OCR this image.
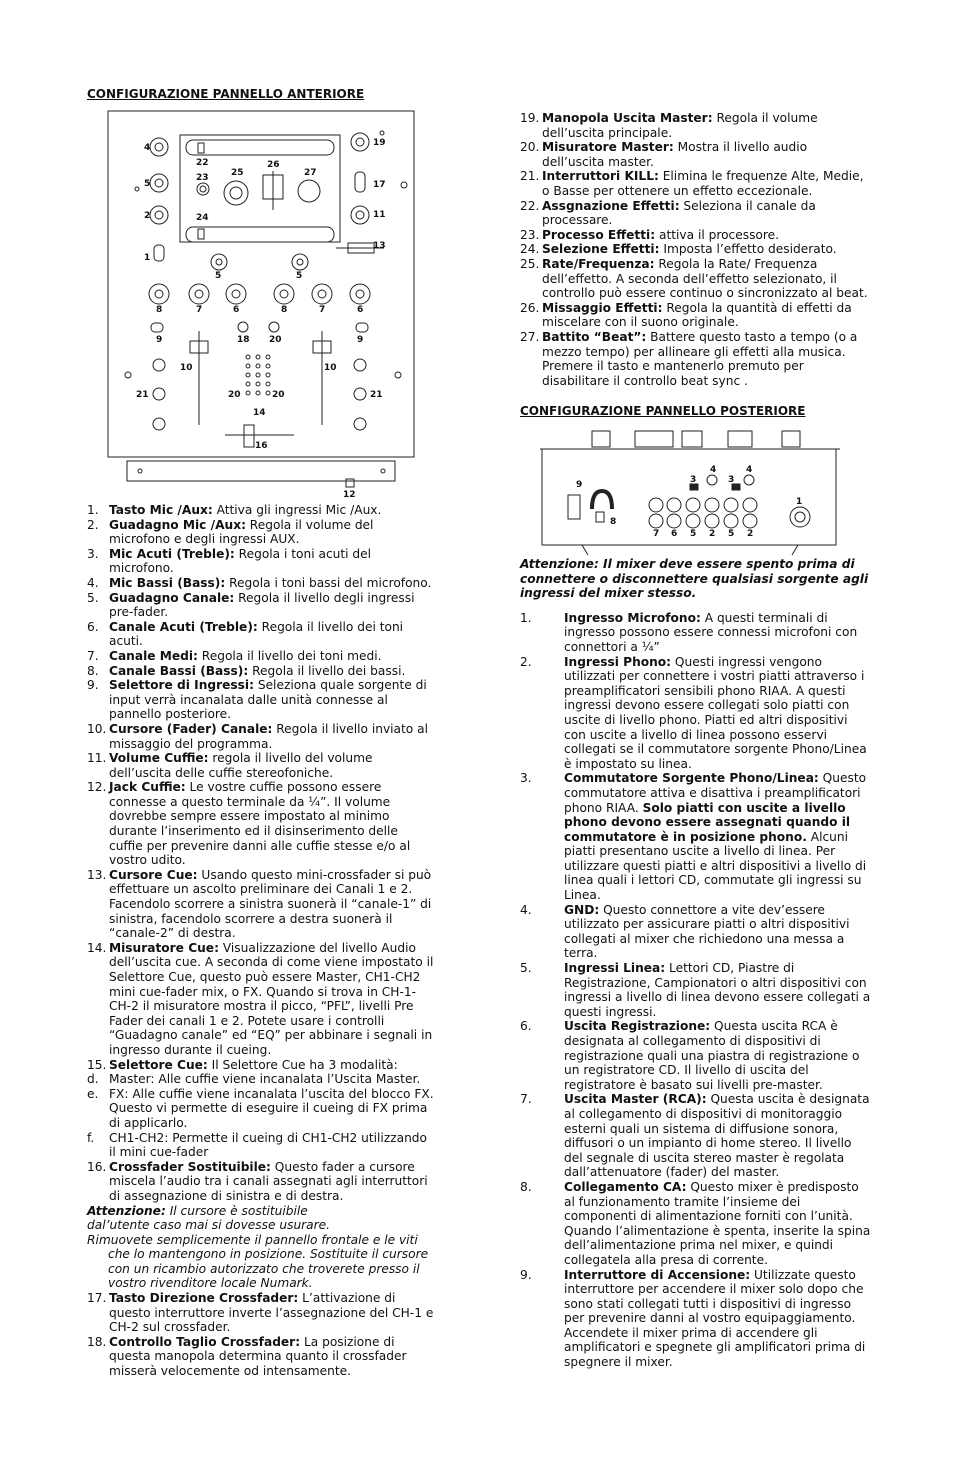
CONFIGURAZIONE PANNELLO ANTERIORE
4
5
2
1
22
23
24
25
26
27
19
17
11
13
5	5
8	7	6	8	7	6
9	9
18 20
10	10
21	21
20	20
14
16
12
1. Tasto Mic /Aux: Attiva gli ingressi Mic /Aux.
2. Guadagno Mic /Aux: Regola il volume del microfono e degli ingressi AUX.
3. Mic Acuti (Treble): Regola i toni acuti del microfono.
4. Mic Bassi (Bass): Regola i toni bassi del microfono.
5. Guadagno Canale: Regola il livello degli ingressi pre-fader.
6. Canale Acuti (Treble): Regola il livello dei toni acuti.
7. Canale Medi: Regola il livello dei toni medi.
8. Canale Bassi (Bass): Regola il livello dei bassi.
9. Selettore di Ingressi: Seleziona quale sorgente di input verrà incanalata dalle unità connesse al pannello posteriore.
10. Cursore (Fader) Canale: Regola il livello inviato al missaggio del programma.
11. Volume Cuffie: regola il livello del volume dell’uscita delle cuffie stereofoniche.
12. Jack Cuffie: Le vostre cuffie possono essere connesse a questo terminale da ¼”. Il volume dovrebbe sempre essere impostato al minimo durante l’inserimento ed il disinserimento delle cuffie per prevenire danni alle cuffie stesse e/o al vostro udito.
13. Cursore Cue: Usando questo mini-crossfader si può effettuare un ascolto preliminare dei Canali 1 e 2. Facendolo scorrere a sinistra suonerà il “canale-1” di sinistra, facendolo scorrere a destra suonerà il “canale-2” di destra.
14. Misuratore Cue: Visualizzazione del livello Audio dell’uscita cue. A seconda di come viene impostato il Selettore Cue, questo può essere Master, CH1-CH2 mini cue-fader mix, o FX. Quando si trova in CH-1-CH-2 il misuratore mostra il picco, “PFL”, livelli Pre Fader dei canali 1 e 2. Potete usare i controlli “Guadagno canale” ed “EQ” per abbinare i segnali in ingresso durante il cueing.
15. Selettore Cue: Il Selettore Cue ha 3 modalità:
d. Master: Alle cuffie viene incanalata l’Uscita Master.
e. FX: Alle cuffie viene incanalata l’uscita del blocco FX. Questo vi permette di eseguire il cueing di FX prima di applicarlo.
f.	CH1-CH2: Permette il cueing di CH1-CH2 utilizzando il mini cue-fader
16. Crossfader Sostituibile: Questo fader a cursore miscela l’audio tra i canali assegnati agli interruttori di assegnazione di sinistra e di destra.
Attenzione: Il cursore è sostituibile
dal’utente caso mai si dovesse usurare.
Rimuovete semplicemente il pannello frontale e le viti che lo mantengono in posizione. Sostituite il cursore con un ricambio autorizzato che troverete presso il vostro rivenditore locale Numark.
17. Tasto Direzione Crossfader: L’attivazione di questo interruttore inverte l’assegnazione del CH-1 e CH-2 sul crossfader.
18. Controllo Taglio Crossfader: La posizione di questa manopola determina quanto il crossfader misserà velocemente od intensamente.
19. Manopola Uscita Master: Regola il volume dell’uscita principale.
20. Misuratore Master: Mostra il livello audio dell’uscita master.
21. Interruttori KILL: Elimina le frequenze Alte, Medie, o Basse per ottenere un effetto eccezionale.
22. Assgnazione Effetti: Seleziona il canale da processare.
23. Processo Effetti: attiva il processore.
24. Selezione Effetti: Imposta l’effetto desiderato.
25. Rate/Frequenza: Regola la Rate/ Frequenza dell’effetto. A seconda dell’effetto selezionato, il controllo può essere continuo o sincronizzato al beat.
26. Missaggio Effetti: Regola la quantità di effetti da miscelare con il suono originale.
27. Battito “Beat”: Battere questo tasto a tempo (o a mezzo tempo) per allineare gli effetti alla musica. Premere il tasto e mantenerlo premuto per disabilitare il controllo beat sync .
CONFIGURAZIONE PANNELLO POSTERIORE
1
4	4
3	3
9
8
7 6 5 2 5 2
Attenzione: Il mixer deve essere spento prima di connettere o disconnettere qualsiasi sorgente agli ingressi del mixer stesso.
1.	Ingresso Microfono: A questi terminali di ingresso possono essere connessi microfoni con connettori a ¼”
2.	Ingressi Phono: Questi ingressi vengono utilizzati per connettere i vostri piatti attraverso i preamplificatori sensibili phono RIAA. A questi ingressi devono essere collegati solo piatti con uscite di livello phono. Piatti ed altri dispositivi con uscite a livello di linea possono esservi collegati se il commutatore sorgente Phono/Linea è impostato su linea.
3.	Commutatore Sorgente Phono/Linea: Questo commutatore attiva e disattiva i preamplificatori phono RIAA. Solo piatti con uscite a livello phono devono essere assegnati quando il commutatore è in posizione phono. Alcuni piatti presentano uscite a livello di linea. Per utilizzare questi piatti e altri dispositivi a livello di linea quali i lettori CD, commutate gli ingressi su Linea.
4.	GND: Questo connettore a vite dev’essere utilizzato per assicurare piatti o altri dispositivi collegati al mixer che richiedono una messa a terra.
5.	Ingressi Linea: Lettori CD, Piastre di Registrazione, Campionatori o altri dispositivi con ingressi a livello di linea devono essere collegati a questi ingressi.
6.	Uscita Registrazione: Questa uscita RCA è designata al collegamento di dispositivi di registrazione quali una piastra di registrazione o un registratore CD. Il livello di uscita del registratore è basato sui livelli pre-master.
7.	Uscita Master (RCA): Questa uscita è designata al collegamento di dispositivi di monitoraggio esterni quali un sistema di diffusione sonora, diffusori o un impianto di home stereo. Il livello del segnale di uscita stereo master è regolata dall’attenuatore (fader) del master.
8.	Collegamento CA: Questo mixer è predisposto al funzionamento tramite l’insieme dei componenti di alimentazione forniti con l’unità. Quando l’alimentazione è spenta, inserite la spina dell’alimentazione prima nel mixer, e quindi collegatela alla presa di corrente.
9.	Interruttore di Accensione: Utilizzate questo interruttore per accendere il mixer solo dopo che sono stati collegati tutti i dispositivi di ingresso per prevenire danni al vostro equipaggiamento. Accendete il mixer prima di accendere gli amplificatori e spegnete gli amplificatori prima di spegnere il mixer.
